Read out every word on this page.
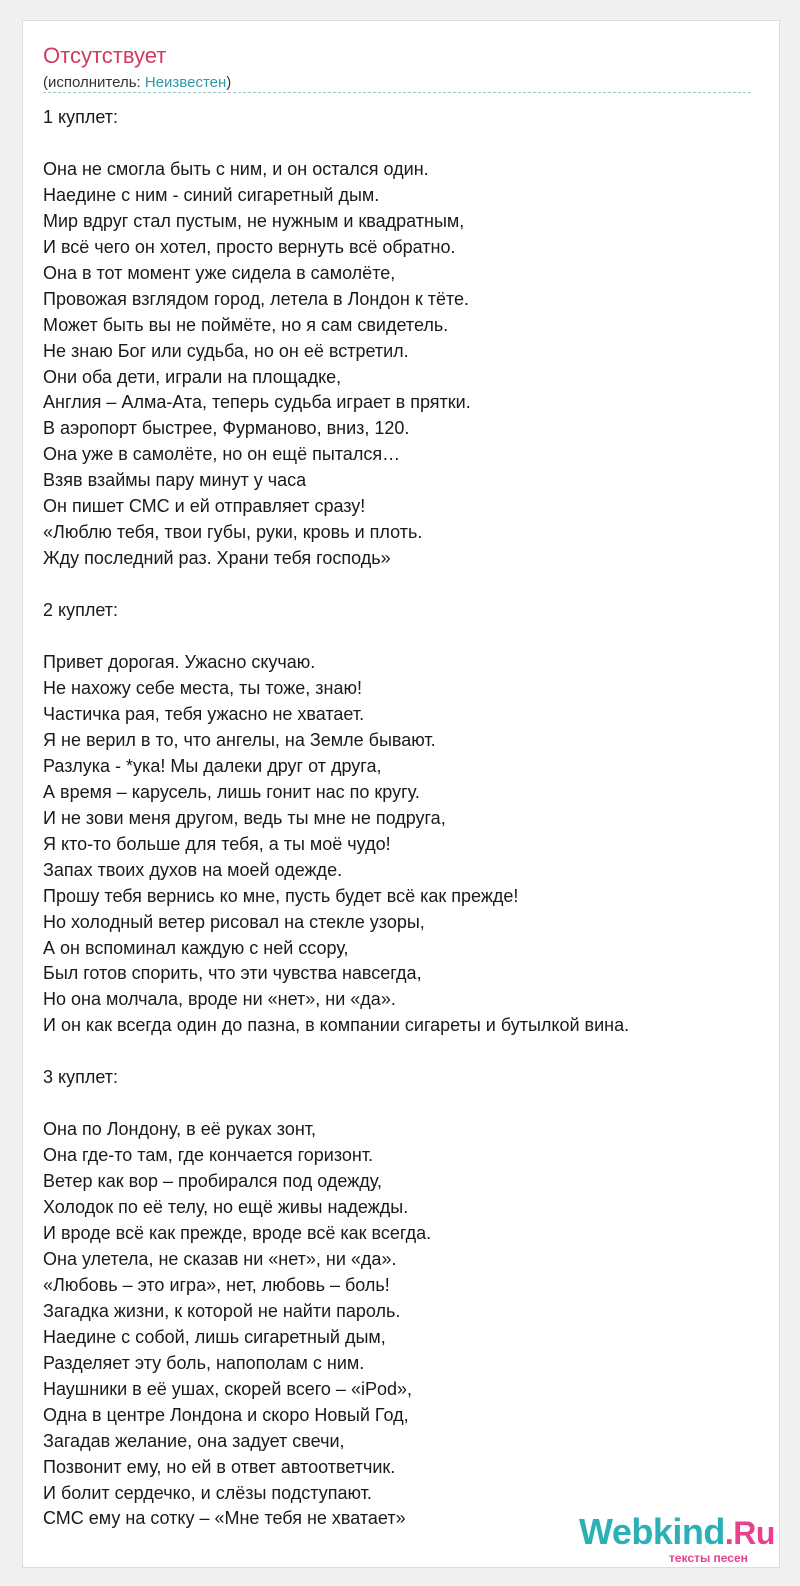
Отсутствует
(исполнитель: Неизвестен)
1 куплет:

Она не смогла быть с ним, и он остался один.
Наедине с ним - синий сигаретный дым.
Мир вдруг стал пустым, не нужным и квадратным,
И всё чего он хотел, просто вернуть всё обратно.
Она в тот момент уже сидела в самолёте,
Провожая взглядом город, летела в Лондон к тёте.
Может быть вы не поймёте, но я сам свидетель.
Не знаю Бог или судьба, но он её встретил.
Они оба дети, играли на площадке,
Англия – Алма-Ата, теперь судьба играет в прятки.
В аэропорт быстрее, Фурманово, вниз, 120.
Она уже в самолёте, но он ещё пытался…
Взяв взаймы пару минут у часа
Он пишет СМС и ей отправляет сразу!
«Люблю тебя, твои губы, руки, кровь и плоть.
Жду последний раз. Храни тебя господь»

2 куплет:

Привет дорогая. Ужасно скучаю.
Не нахожу себе места, ты тоже, знаю!
Частичка рая, тебя ужасно не хватает.
Я не верил в то, что ангелы, на Земле бывают.
Разлука - *ука! Мы далеки друг от друга,
А время – карусель, лишь гонит нас по кругу.
И не зови меня другом, ведь ты мне не подруга,
Я кто-то больше для тебя, а ты моё чудо!
Запах твоих духов на моей одежде.
Прошу тебя вернись ко мне, пусть будет всё как прежде!
Но холодный ветер рисовал на стекле узоры,
А он вспоминал каждую с ней ссору,
Был готов спорить, что эти чувства навсегда,
Но она молчала, вроде ни «нет», ни «да».
И он как всегда один до пазна, в компании сигареты и бутылкой вина.

3 куплет:

Она по Лондону, в её руках зонт,
Она где-то там, где кончается горизонт.
Ветер как вор – пробирался под одежду,
Холодок по её телу, но ещё живы надежды.
И вроде всё как прежде, вроде всё как всегда.
Она улетела, не сказав ни «нет», ни «да».
«Любовь – это игра», нет, любовь – боль!
Загадка жизни, к которой не найти пароль.
Наедине с собой, лишь сигаретный дым,
Разделяет эту боль, напополам с ним.
Наушники в её ушах, скорей всего – «iPod»,
Одна в центре Лондона и скоро Новый Год,
Загадав желание, она задует свечи,
Позвонит ему, но ей в ответ автоответчик.
И болит сердечко, и слёзы подступают.
СМС ему на сотку – «Мне тебя не хватает»	Webkind.Ru
тексты песен
